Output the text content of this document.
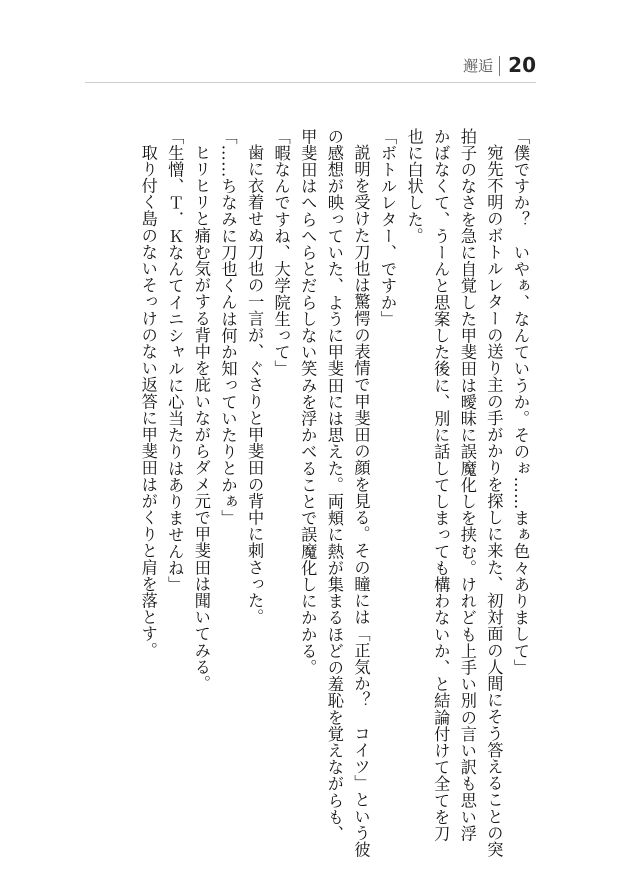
邂逅 20

「僕ですか？　いやぁ、なんていうか。そのぉ……まぁ色々ありまして」

宛先不明のボトルレターの送り主の手がかりを探しに来た、初対面の人間にそう答えることの突拍子のなさを急に自覚した甲斐田は曖昧に誤魔化しを挟む。けれども上手い別の言い訳も思い浮かばなくて、うーんと思案した後に、別に話してしまっても構わないか、と結論付けて全てを刀也に白状した。

「ボトルレター、ですか」

説明を受けた刀也は驚愕の表情で甲斐田の顔を見る。その瞳には「正気か？　コイツ」という彼の感想が映っていた、ように甲斐田には思えた。両頬に熱が集まるほどの羞恥を覚えながらも、甲斐田はへらへらとだらしない笑みを浮かべることで誤魔化しにかかる。

「暇なんですね、大学院生って」

歯に衣着せぬ刀也の一言が、ぐさりと甲斐田の背中に刺さった。

「……ちなみに刀也くんは何か知っていたりとかぁ」

ヒリヒリと痛む気がする背中を庇いながらダメ元で甲斐田は聞いてみる。

「生憎、Ｔ．Ｋなんてイニシャルに心当たりはありませんね」

取り付く島のないそっけのない返答に甲斐田はがくりと肩を落とす。
